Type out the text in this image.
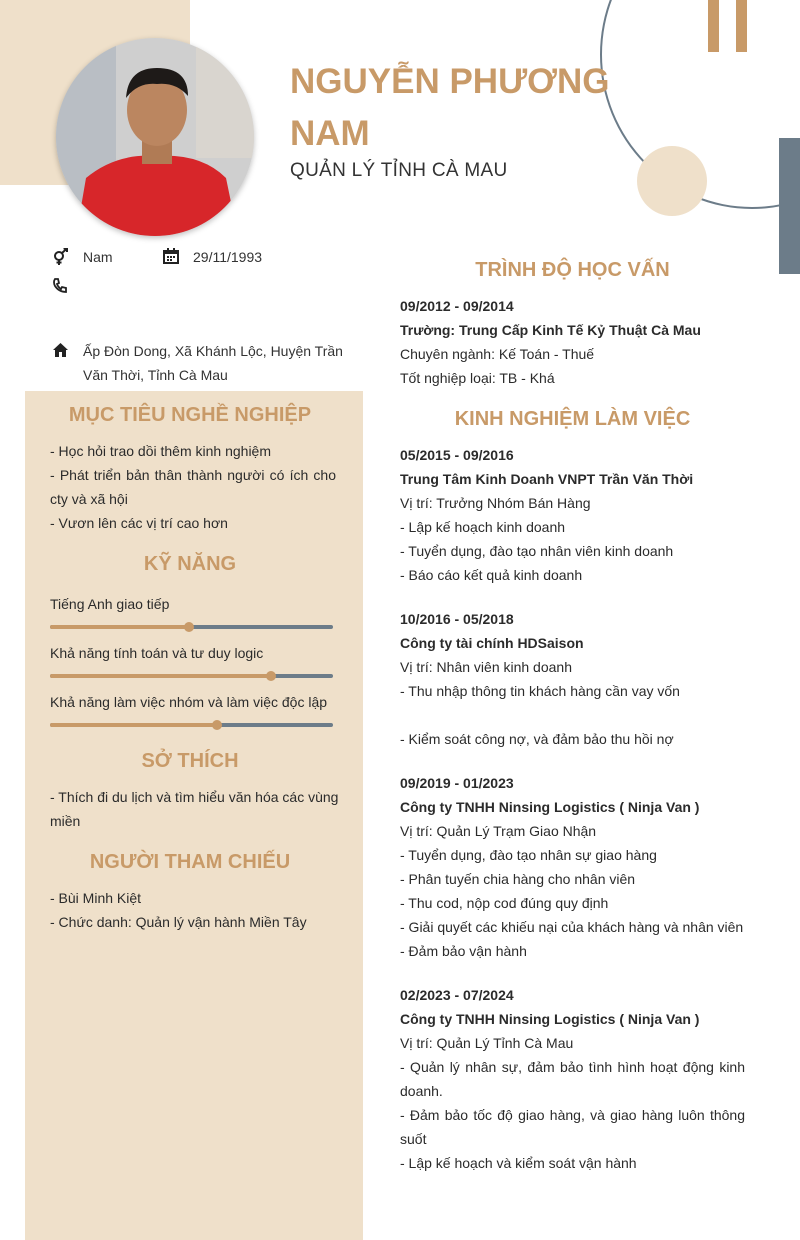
NGUYỄN PHƯƠNG NAM
QUẢN LÝ TỈNH CÀ MAU
Nam	29/11/1993
Ấp Đòn Dong, Xã Khánh Lộc, Huyện Trần Văn Thời, Tỉnh Cà Mau
MỤC TIÊU NGHỀ NGHIỆP

- Học hỏi trao dồi thêm kinh nghiệm

- Phát triển bản thân thành người có ích cho cty và xã hội

- Vươn lên các vị trí cao hơn

KỸ NĂNG
Tiếng Anh giao tiếp
Khả năng tính toán và tư duy logic
Khả năng làm việc nhóm và làm việc độc lập
SỞ THÍCH

- Thích đi du lịch và tìm hiểu văn hóa các vùng miền

NGƯỜI THAM CHIẾU

- Bùi Minh Kiệt

- Chức danh: Quản lý vận hành Miền Tây

TRÌNH ĐỘ HỌC VẤN

09/2012 - 09/2014

Trường: Trung Cấp Kinh Tế Kỷ Thuật Cà Mau

Chuyên ngành: Kế Toán - Thuế

Tốt nghiệp loại: TB - Khá

KINH NGHIỆM LÀM VIỆC

05/2015 - 09/2016

Trung Tâm Kinh Doanh VNPT Trần Văn Thời

Vị trí: Trưởng Nhóm Bán Hàng

- Lập kế hoạch kinh doanh

- Tuyển dụng, đào tạo nhân viên kinh doanh

- Báo cáo kết quả kinh doanh

10/2016 - 05/2018

Công ty tài chính HDSaison

Vị trí: Nhân viên kinh doanh

- Thu nhập thông tin khách hàng cần vay vốn

- Kiểm soát công nợ, và đảm bảo thu hồi nợ

09/2019 - 01/2023

Công ty TNHH Ninsing Logistics ( Ninja Van )

Vị trí: Quản Lý Trạm Giao Nhận

- Tuyển dụng, đào tạo nhân sự giao hàng

- Phân tuyến chia hàng cho nhân viên

- Thu cod, nộp cod đúng quy định

- Giải quyết các khiếu nại của khách hàng và nhân viên

- Đảm bảo vận hành

02/2023 - 07/2024

Công ty TNHH Ninsing Logistics ( Ninja Van )

Vị trí: Quản Lý Tỉnh Cà Mau

- Quản lý nhân sự, đảm bảo tình hình hoạt động kinh doanh.

- Đảm bảo tốc độ giao hàng, và giao hàng luôn thông suốt

- Lập kế hoạch và kiểm soát vận hành
